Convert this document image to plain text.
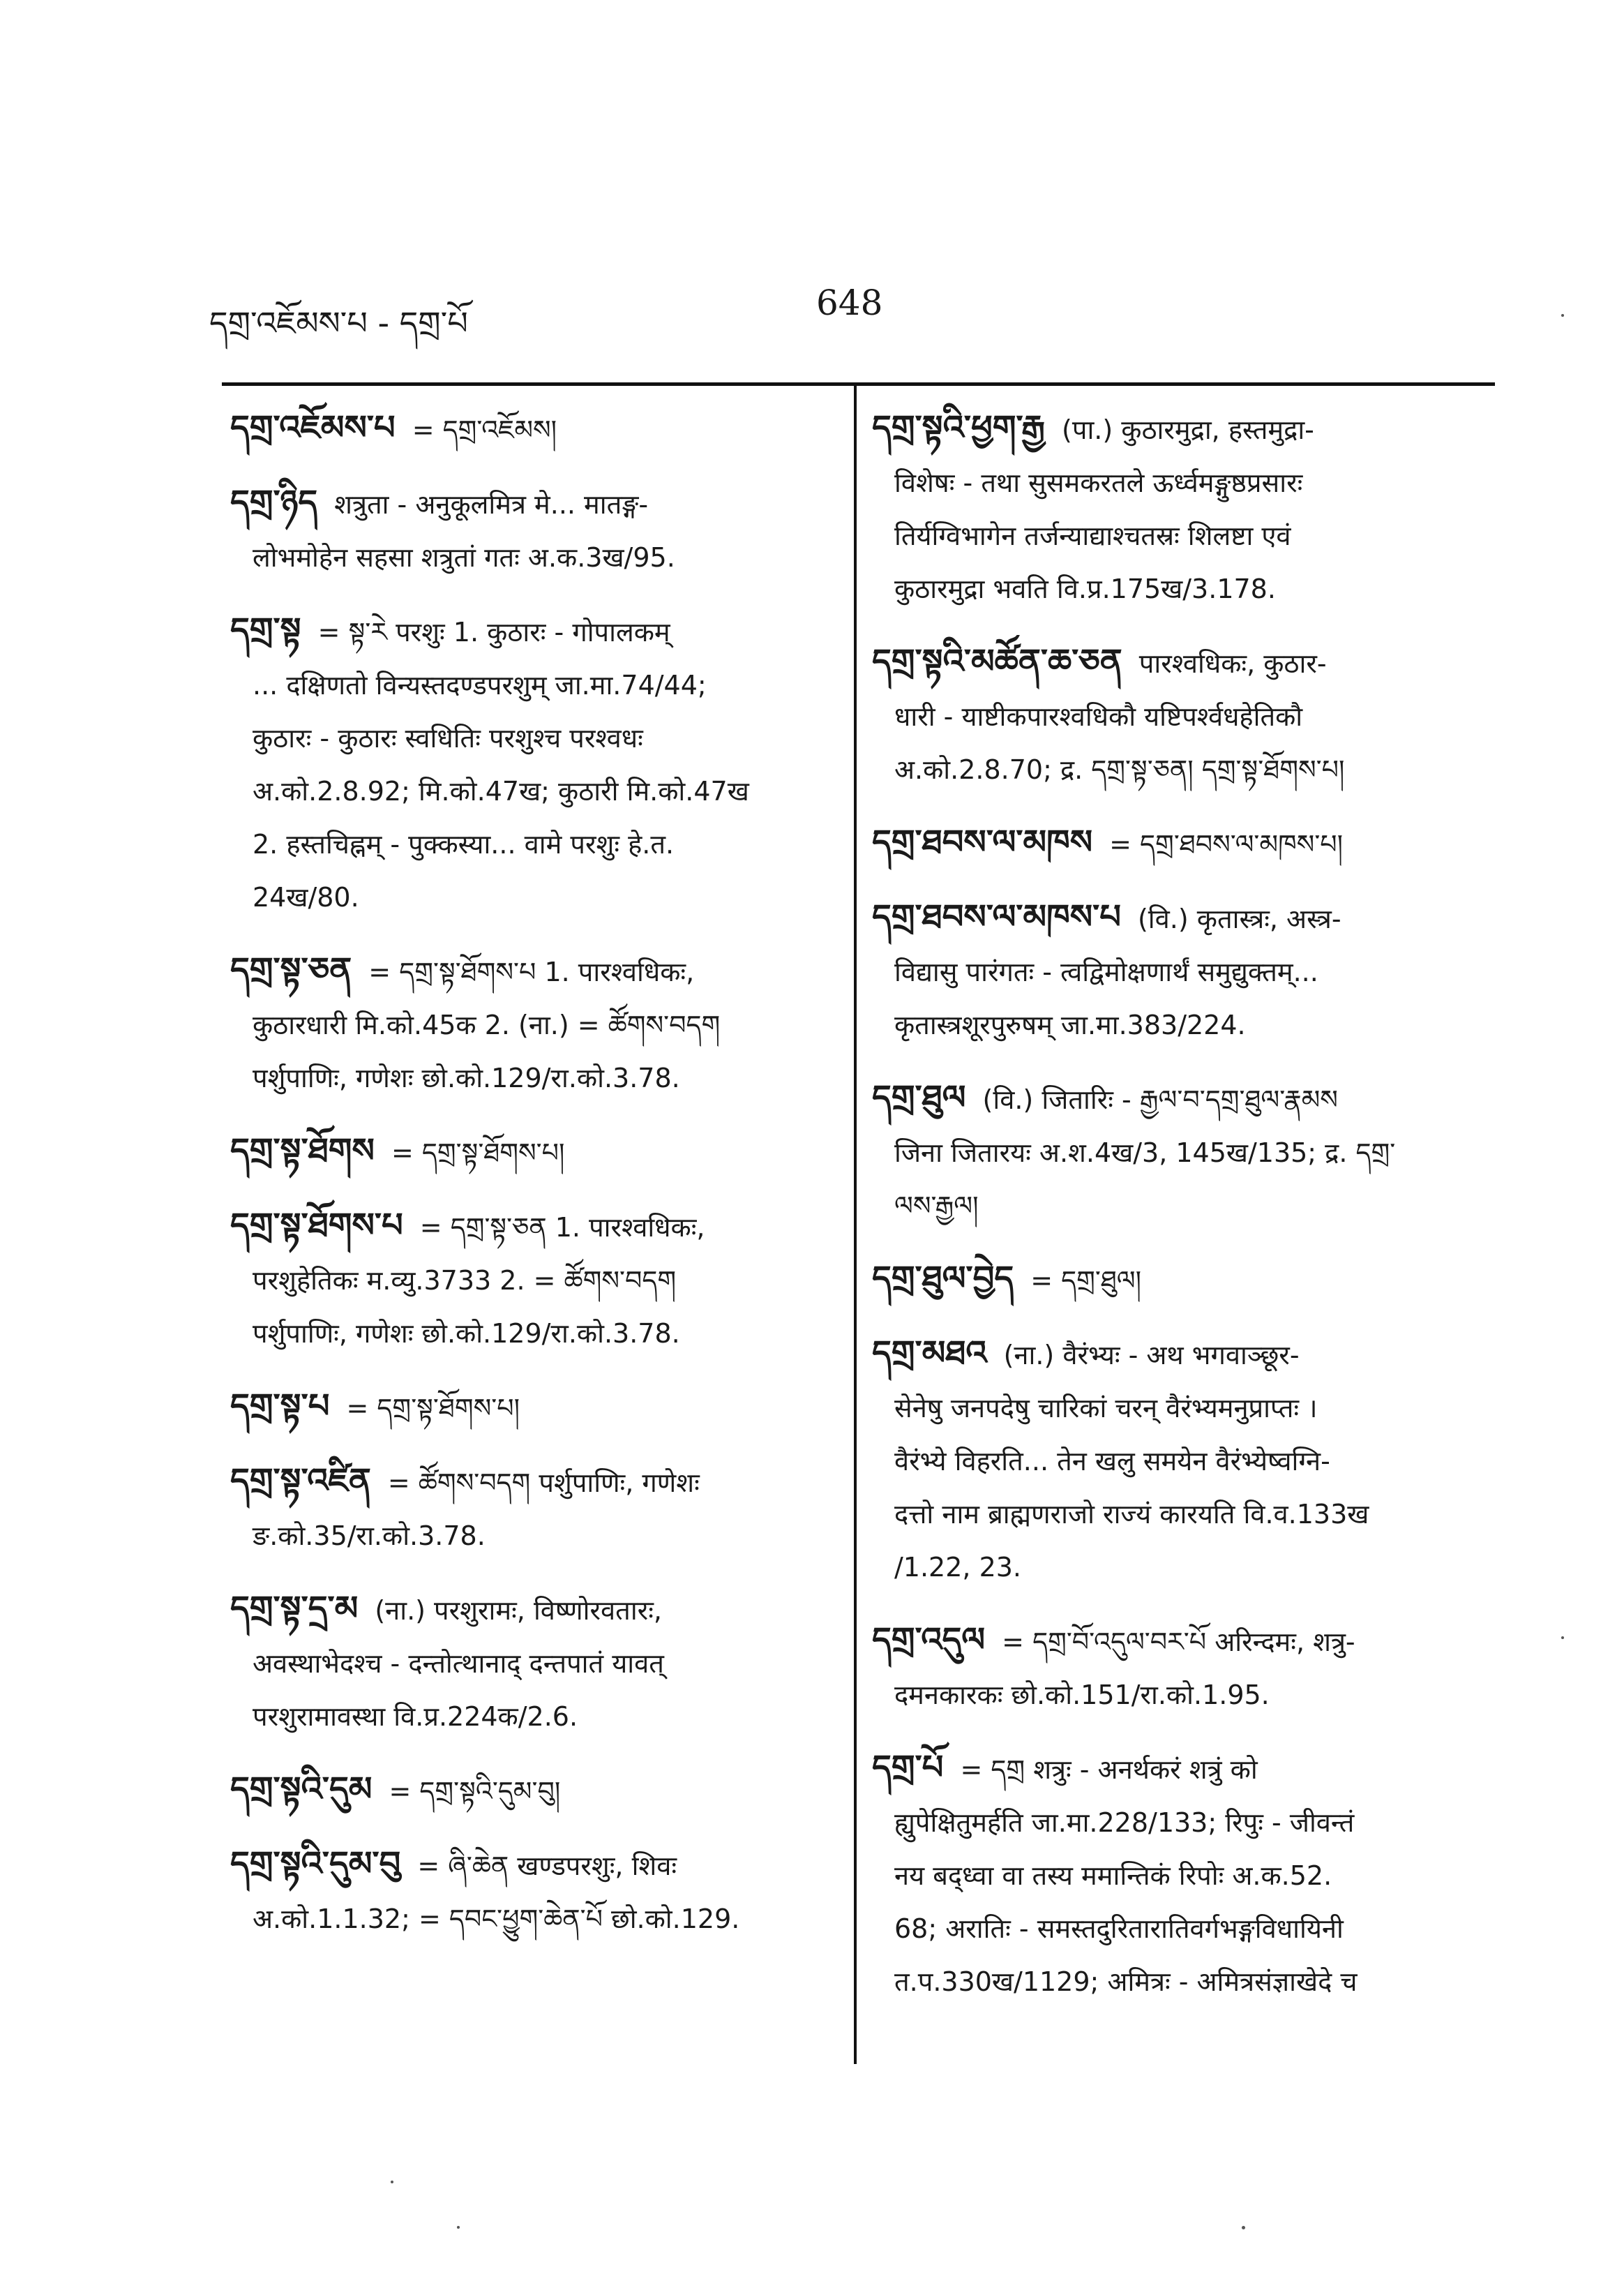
དགྲ་འཇོམས་པ - དགྲ་པོ	648
དགྲ་འཇོམས་པ = དགྲ་འཇོམས།
དགྲ་ཉིད शत्रुता - अनुकूलमित्र मे... मातङ्ग-
लोभमोहेन सहसा शत्रुतां गतः अ.क.3ख/95.
དགྲ་སྟ = སྟ་རེ परशुः 1. कुठारः - गोपालकम्
... दक्षिणतो विन्यस्तदण्डपरशुम् जा.मा.74/44;
कुठारः - कुठारः स्वधितिः परशुश्च परश्वधः
अ.को.2.8.92; मि.को.47ख; कुठारी मि.को.47ख
2. हस्तचिह्नम् - पुक्कस्या... वामे परशुः हे.त.
24ख/80.
དགྲ་སྟ་ཅན = དགྲ་སྟ་ཐོགས་པ 1. पारश्वधिकः,
कुठारधारी मि.को.45क 2. (ना.) = ཚོགས་བདག
पर्शुपाणिः, गणेशः छो.को.129/रा.को.3.78.
དགྲ་སྟ་ཐོགས = དགྲ་སྟ་ཐོགས་པ།
དགྲ་སྟ་ཐོགས་པ = དགྲ་སྟ་ཅན 1. पारश्वधिकः,
परशुहेतिकः म.व्यु.3733 2. = ཚོགས་བདག
पर्शुपाणिः, गणेशः छो.को.129/रा.को.3.78.
དགྲ་སྟ་པ = དགྲ་སྟ་ཐོགས་པ།
དགྲ་སྟ་འཛིན = ཚོགས་བདག पर्शुपाणिः, गणेशः
ङ.को.35/रा.को.3.78.
དགྲ་སྟ་དྲ་མ (ना.) परशुरामः, विष्णोरवतारः,
अवस्थाभेदश्च - दन्तोत्थानाद् दन्तपातं यावत्
परशुरामावस्था वि.प्र.224क/2.6.
དགྲ་སྟའི་དུམ = དགྲ་སྟའི་དུམ་བུ།
དགྲ་སྟའི་དུམ་བུ = ཞི་ཆེན खण्डपरशुः, शिवः
अ.को.1.1.32; = དབང་ཕྱུག་ཆེན་པོ छो.को.129.
དགྲ་སྟའི་ཕྱག་རྒྱ (पा.) कुठारमुद्रा, हस्तमुद्रा-
विशेषः - तथा सुसमकरतले ऊर्ध्वमङ्गुष्ठप्रसारः
तिर्यग्विभागेन तर्जन्याद्याश्चतस्रः शिलष्टा एवं
कुठारमुद्रा भवति वि.प्र.175ख/3.178.
དགྲ་སྟའི་མཚོན་ཆ་ཅན पारश्वधिकः, कुठार-
धारी - याष्टीकपारश्वधिकौ यष्टिपर्श्वधहेतिकौ
अ.को.2.8.70; द्र. དགྲ་སྟ་ཅན། དགྲ་སྟ་ཐོགས་པ།
དགྲ་ཐབས་ལ་མཁས = དགྲ་ཐབས་ལ་མཁས་པ།
དགྲ་ཐབས་ལ་མཁས་པ (वि.) कृतास्त्रः, अस्त्र-
विद्यासु पारंगतः - त्वद्विमोक्षणार्थं समुद्युक्तम्...
कृतास्त्रशूरपुरुषम् जा.मा.383/224.
དགྲ་ཐུལ (वि.) जितारिः - རྒྱལ་བ་དགྲ་ཐུལ་རྣམས
जिना जितारयः अ.श.4ख/3, 145ख/135; द्र. དགྲ་
ལས་རྒྱལ།
དགྲ་ཐུལ་བྱེད = དགྲ་ཐུལ།
དགྲ་མཐའ (ना.) वैरंभ्यः - अथ भगवाञ्छूर-
सेनेषु जनपदेषु चारिकां चरन् वैरंभ्यमनुप्राप्तः ।
वैरंभ्ये विहरति... तेन खलु समयेन वैरंभ्येष्वग्नि-
दत्तो नाम ब्राह्मणराजो राज्यं कारयति वि.व.133ख
/1.22, 23.
དགྲ་འདུལ = དགྲ་བོ་འདུལ་བར་པོ अरिन्दमः, शत्रु-
दमनकारकः छो.को.151/रा.को.1.95.
དགྲ་པོ = དགྲ शत्रुः - अनर्थकरं शत्रुं को
ह्युपेक्षितुमर्हति जा.मा.228/133; रिपुः - जीवन्तं
नय बद्ध्वा वा तस्य ममान्तिकं रिपोः अ.क.52.
68; अरातिः - समस्तदुरितारातिवर्गभङ्गविधायिनी
त.प.330ख/1129; अमित्रः - अमित्रसंज्ञाखेदे च
